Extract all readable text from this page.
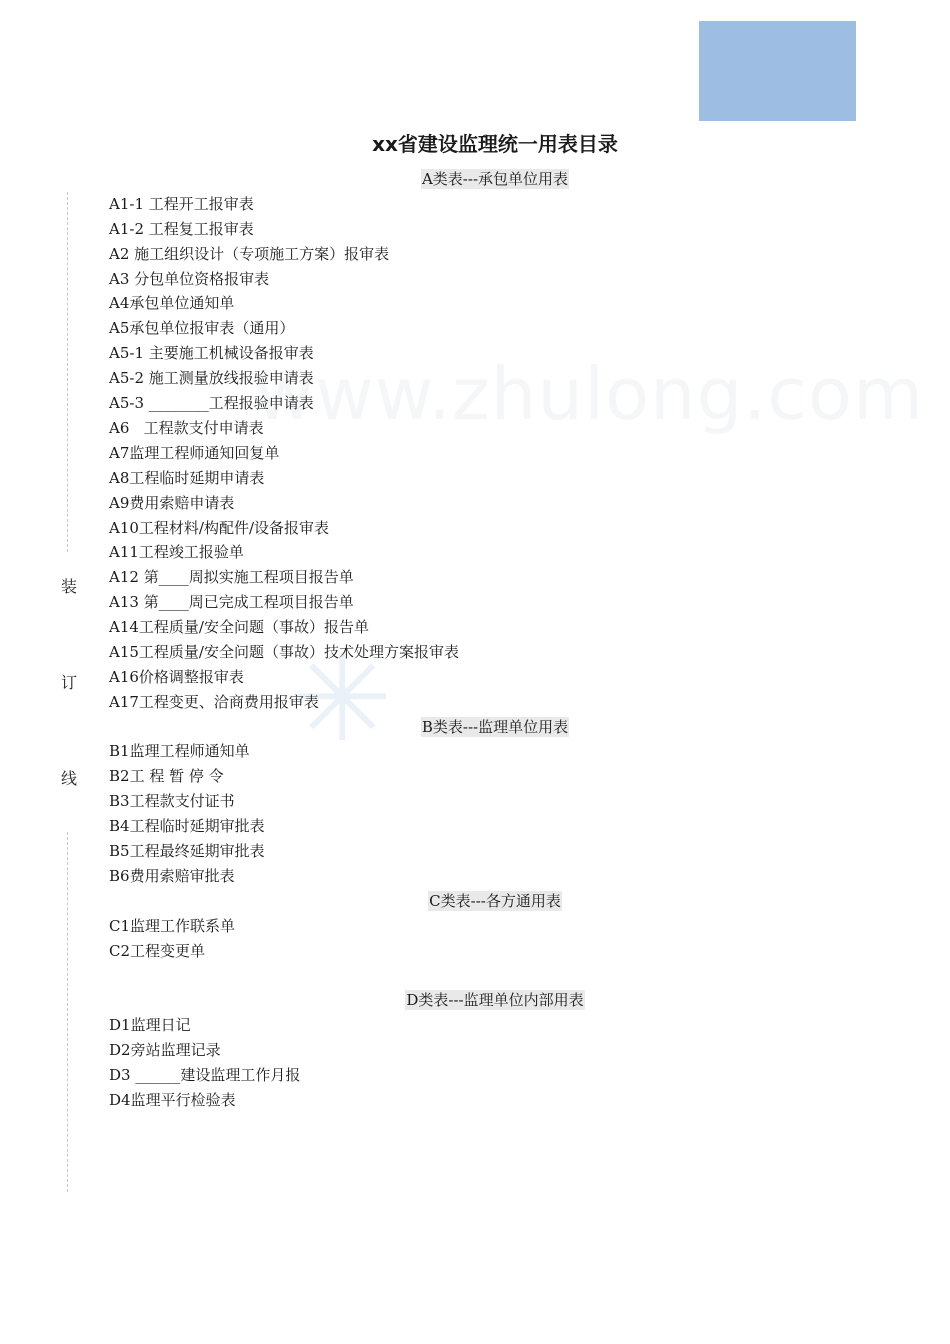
装
订
线
www.zhulong.com
✳
xx省建设监理统一用表目录
A类表---承包单位用表
A1-1 工程开工报审表
A1-2 工程复工报审表
A2 施工组织设计（专项施工方案）报审表
A3 分包单位资格报审表
A4承包单位通知单
A5承包单位报审表（通用）
A5-1 主要施工机械设备报审表
A5-2 施工测量放线报验申请表
A5-3 ________工程报验申请表
A6   工程款支付申请表
A7监理工程师通知回复单
A8工程临时延期申请表
A9费用索赔申请表
A10工程材料/构配件/设备报审表
A11工程竣工报验单
A12 第____周拟实施工程项目报告单
A13 第____周已完成工程项目报告单
A14工程质量/安全问题（事故）报告单
A15工程质量/安全问题（事故）技术处理方案报审表
A16价格调整报审表
A17工程变更、洽商费用报审表
B类表---监理单位用表
B1监理工程师通知单
B2工 程 暂 停 令
B3工程款支付证书
B4工程临时延期审批表
B5工程最终延期审批表
B6费用索赔审批表
C类表---各方通用表
C1监理工作联系单
C2工程变更单
D类表---监理单位内部用表
D1监理日记
D2旁站监理记录
D3 ______建设监理工作月报
D4监理平行检验表
